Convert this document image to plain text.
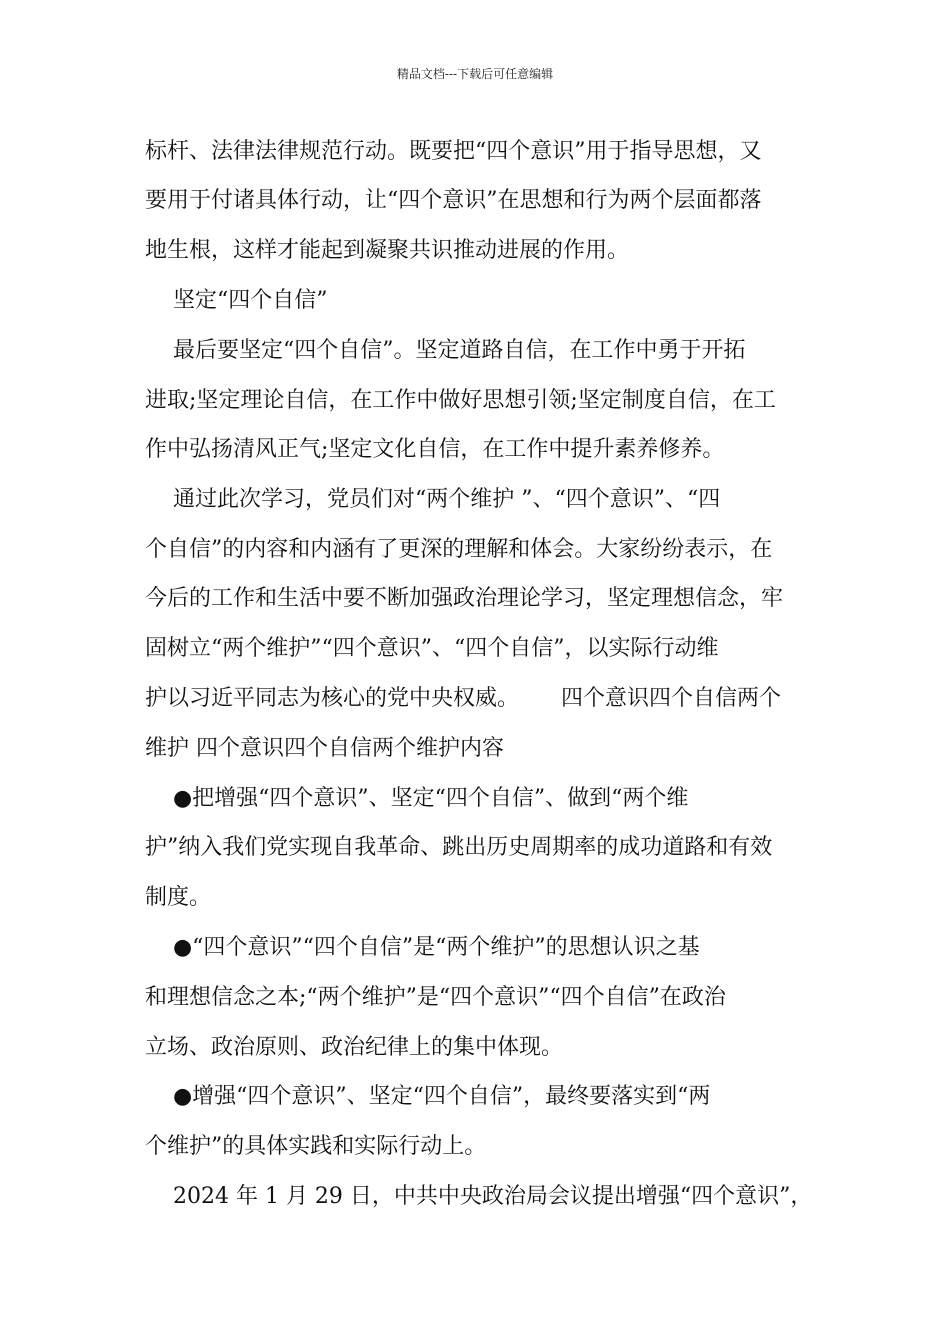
精品文档---下载后可任意编辑

标杆、法律法律规范行动。既要把“四个意识”用于指导思想，又

要用于付诸具体行动，让“四个意识”在思想和行为两个层面都落

地生根，这样才能起到凝聚共识推动进展的作用。

坚定“四个自信”

最后要坚定“四个自信”。坚定道路自信，在工作中勇于开拓

进取;坚定理论自信，在工作中做好思想引领;坚定制度自信，在工

作中弘扬清风正气;坚定文化自信，在工作中提升素养修养。

通过此次学习，党员们对“两个维护 ”、“四个意识”、“四

个自信”的内容和内涵有了更深的理解和体会。大家纷纷表示，在

今后的工作和生活中要不断加强政治理论学习，坚定理想信念，牢

固树立“两个维护”“四个意识”、“四个自信”，以实际行动维

护以习近平同志为核心的党中央权威。      四个意识四个自信两个

维护 四个意识四个自信两个维护内容

●把增强“四个意识”、坚定“四个自信”、做到“两个维

护”纳入我们党实现自我革命、跳出历史周期率的成功道路和有效

制度。

●“四个意识”“四个自信”是“两个维护”的思想认识之基

和理想信念之本;“两个维护”是“四个意识”“四个自信”在政治

立场、政治原则、政治纪律上的集中体现。

●增强“四个意识”、坚定“四个自信”，最终要落实到“两

个维护”的具体实践和实际行动上。

2024 年 1 月 29 日，中共中央政治局会议提出增强“四个意识”，
